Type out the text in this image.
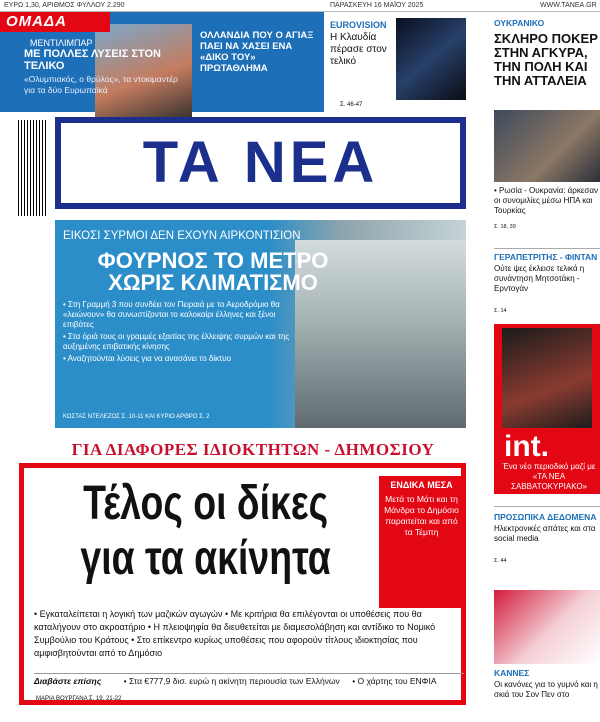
ΕΥΡΩ 1,30, ΑΡΙΘΜΟΣ ΦΥΛΛΟΥ 2.290	ΠΑΡΑΣΚΕΥΗ 16 ΜΑΪΟΥ 2025	WWW.TANEA.GR
ΟΜΑΔΑ
ΜΕΝΤΙΛΙΜΠΑΡ
ΜΕ ΠΟΛΛΕΣ ΛΥΣΕΙΣ ΣΤΟΝ ΤΕΛΙΚΟ
«Ολυμπιακός, ο θρύλος», τα ντοκιμαντέρ για τα δύο Ευρωπαϊκά
ΟΛΛΑΝΔΙΑ ΠΟΥ Ο ΑΓΙΑΞ ΠΑΕΙ ΝΑ ΧΑΣΕΙ ΕΝΑ «ΔΙΚΟ ΤΟΥ» ΠΡΩΤΑΘΛΗΜΑ
EUROVISION
Η Κλαυδία πέρασε στον τελικό
Σ. 46-47
ΤΑ ΝΕΑ
ΕΙΚΟΣΙ ΣΥΡΜΟΙ ΔΕΝ ΕΧΟΥΝ ΑΙΡΚΟΝΤΙΣΙΟΝ
ΦΟΥΡΝΟΣ ΤΟ ΜΕΤΡΟ ΧΩΡΙΣ ΚΛΙΜΑΤΙΣΜΟ
• Στη Γραμμή 3 που συνδέει τον Πειραιά με το Αεροδρόμιο θα «λειώνουν» θα συνωστίζονται το καλοκαίρι έλληνες και ξένοι επιβάτες
• Στα όριά τους οι γραμμές εξαιτίας της έλλειψης συρμών και της αυξημένης επιβατικής κίνησης
• Αναζητούνται λύσεις για να ανασάνει το δίκτυο
ΚΩΣΤΑΣ ΝΤΕΛΕΖΟΣ Σ. 10-11 ΚΑΙ ΚΥΡΙΟ ΑΡΘΡΟ Σ. 2
ΓΙΑ ΔΙΑΦΟΡΕΣ ΙΔΙΟΚΤΗΤΩΝ - ΔΗΜΟΣΙΟΥ
Τέλος οι δίκες
για τα ακίνητα
ΕΝΔΙΚΑ ΜΕΣΑ
Μετά το Μάτι και τη Μάνδρα το Δημόσιο παραιτείται και από τα Τέμπη
• Εγκαταλείπεται η λογική των μαζικών αγωγών • Με κριτήρια θα επιλέγονται οι υποθέσεις που θα καταλήγουν στο ακροατήριο • Η πλειοψηφία θα διευθετείται με διαμεσολάβηση και αντίδικο το Νομικό Συμβούλιο του Κράτους • Στο επίκεντρο κυρίως υποθέσεις που αφορούν τίτλους ιδιοκτησίας που αμφισβητούνται από το Δημόσιο
Διαβάστε επίσης	• Στα €777,9 δισ. ευρώ η ακίνητη περιουσία των Ελλήνων • Ο χάρτης του ΕΝΦΙΑ
ΜΑΡΙΑ ΒΟΥΡΓΑΝΑ Σ. 19, 21-22
ΟΥΚΡΑΝΙΚΟ
ΣΚΛΗΡΟ ΠΟΚΕΡ ΣΤΗΝ ΑΓΚΥΡΑ, ΤΗΝ ΠΟΛΗ ΚΑΙ ΤΗΝ ΑΤΤΑΛΕΙΑ
• Ρωσία - Ουκρανία: άρκεσαν οι συνομιλίες μέσω ΗΠΑ και Τουρκίας
Σ. 18, 39
ΓΕΡΑΠΕΤΡΙΤΗΣ - ΦΙΝΤΑΝ
Ούτε ψες έκλεισε τελικά η συνάντηση Μητσοτάκη - Ερντογάν
Σ. 14
int.
Ένα νέο περιοδικό μαζί με «ΤΑ ΝΕΑ ΣΑΒΒΑΤΟΚΥΡΙΑΚΟ»
ΠΡΟΣΩΠΙΚΑ ΔΕΔΟΜΕΝΑ
Ηλεκτρονικές απάτες και στα social media
Σ. 44
ΚΑΝΝΕΣ
Οι κανόνες για το γυμνό και η σκιά του Σον Πεν στο
